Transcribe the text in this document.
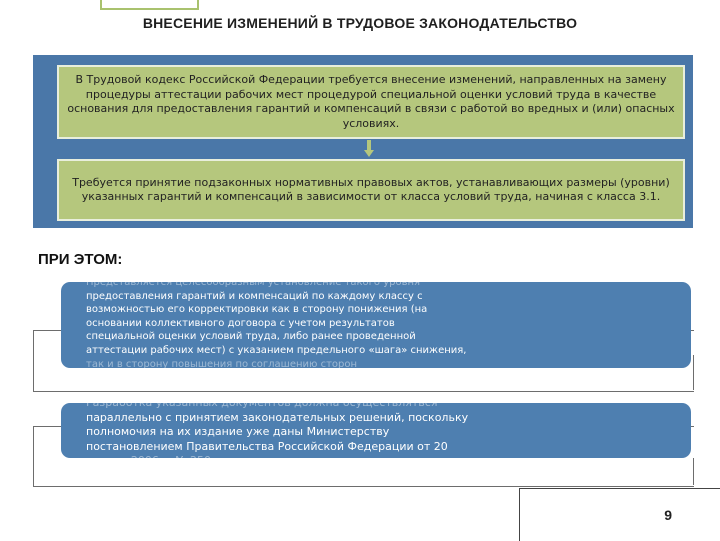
ВНЕСЕНИЕ ИЗМЕНЕНИЙ В ТРУДОВОЕ ЗАКОНОДАТЕЛЬСТВО
В Трудовой кодекс Российской Федерации требуется внесение изменений, направленных на замену процедуры аттестации рабочих мест процедурой специальной оценки условий труда в качестве основания для предоставления гарантий и компенсаций в связи с работой во вредных и (или) опасных условиях.
Требуется принятие подзаконных нормативных правовых актов, устанавливающих размеры (уровни) указанных гарантий и компенсаций в зависимости от класса условий труда, начиная с класса 3.1.
ПРИ ЭТОМ:
Представляется целесообразным установление такого уровня
предоставления гарантий и компенсаций по каждому классу с
возможностью его корректировки как в сторону понижения (на
основании коллективного договора с учетом результатов
специальной оценки условий труда, либо ранее проведенной
аттестации рабочих мест) с указанием предельного «шага» снижения,
так и в сторону повышения по соглашению сторон
Разработка указанных документов должна осуществляться
параллельно с принятием законодательных решений, поскольку
полномочия на их издание уже даны Министерству
постановлением Правительства Российской Федерации от 20
апреля 2006 г. № 250
9
